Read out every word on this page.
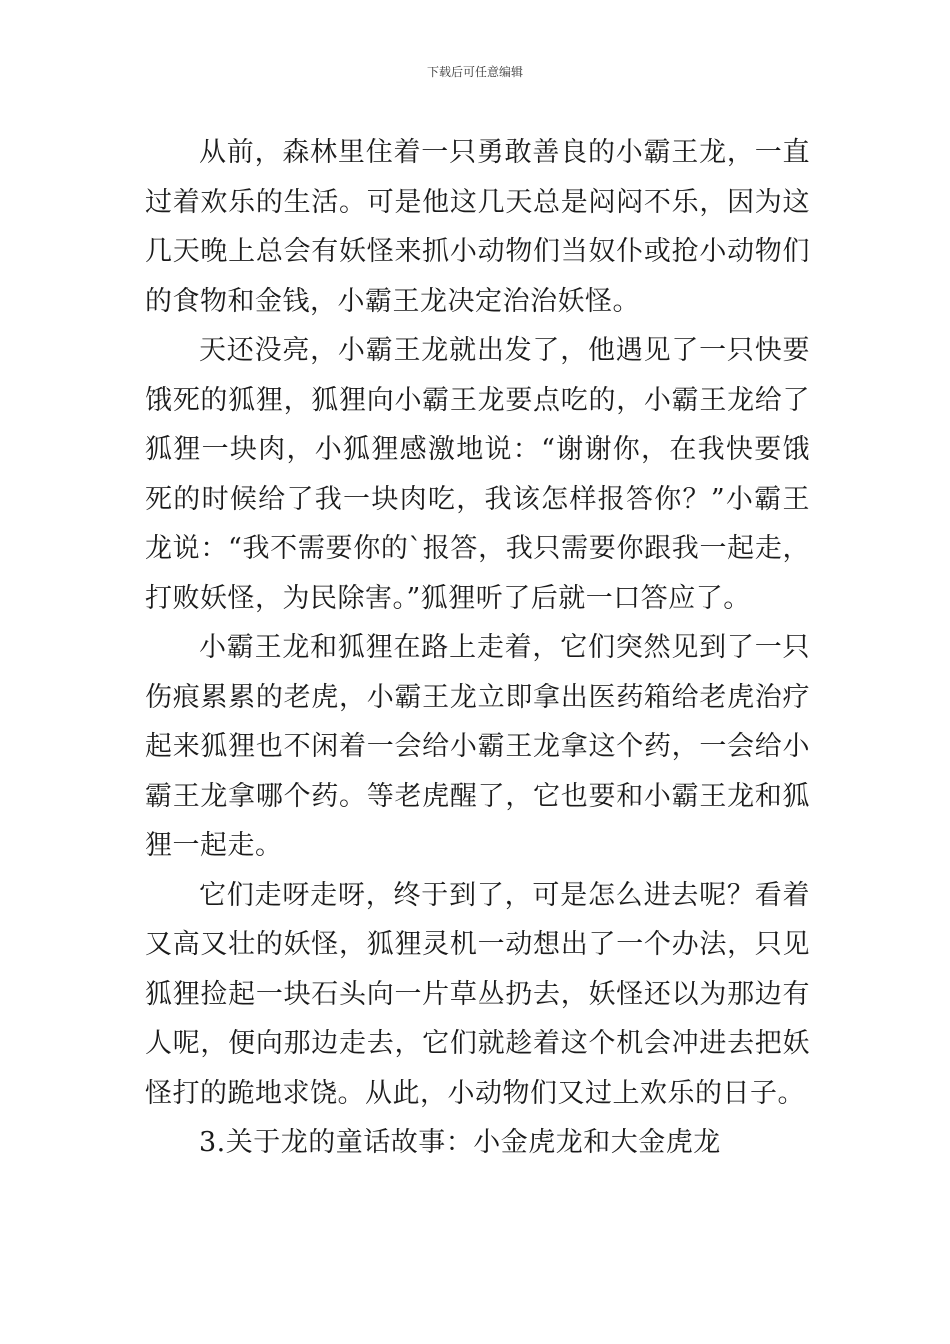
下载后可任意编辑

从前，森林里住着一只勇敢善良的小霸王龙，一直过着欢乐的生活。可是他这几天总是闷闷不乐，因为这几天晚上总会有妖怪来抓小动物们当奴仆或抢小动物们的食物和金钱，小霸王龙决定治治妖怪。

天还没亮，小霸王龙就出发了，他遇见了一只快要饿死的狐狸，狐狸向小霸王龙要点吃的，小霸王龙给了狐狸一块肉，小狐狸感激地说：“谢谢你，在我快要饿死的时候给了我一块肉吃，我该怎样报答你？”小霸王龙说：“我不需要你的`报答，我只需要你跟我一起走，打败妖怪，为民除害。”狐狸听了后就一口答应了。

小霸王龙和狐狸在路上走着，它们突然见到了一只伤痕累累的老虎，小霸王龙立即拿出医药箱给老虎治疗起来狐狸也不闲着一会给小霸王龙拿这个药，一会给小霸王龙拿哪个药。等老虎醒了，它也要和小霸王龙和狐狸一起走。

它们走呀走呀，终于到了，可是怎么进去呢？看着又高又壮的妖怪，狐狸灵机一动想出了一个办法，只见狐狸捡起一块石头向一片草丛扔去，妖怪还以为那边有人呢，便向那边走去，它们就趁着这个机会冲进去把妖怪打的跪地求饶。从此，小动物们又过上欢乐的日子。

3.关于龙的童话故事：小金虎龙和大金虎龙
